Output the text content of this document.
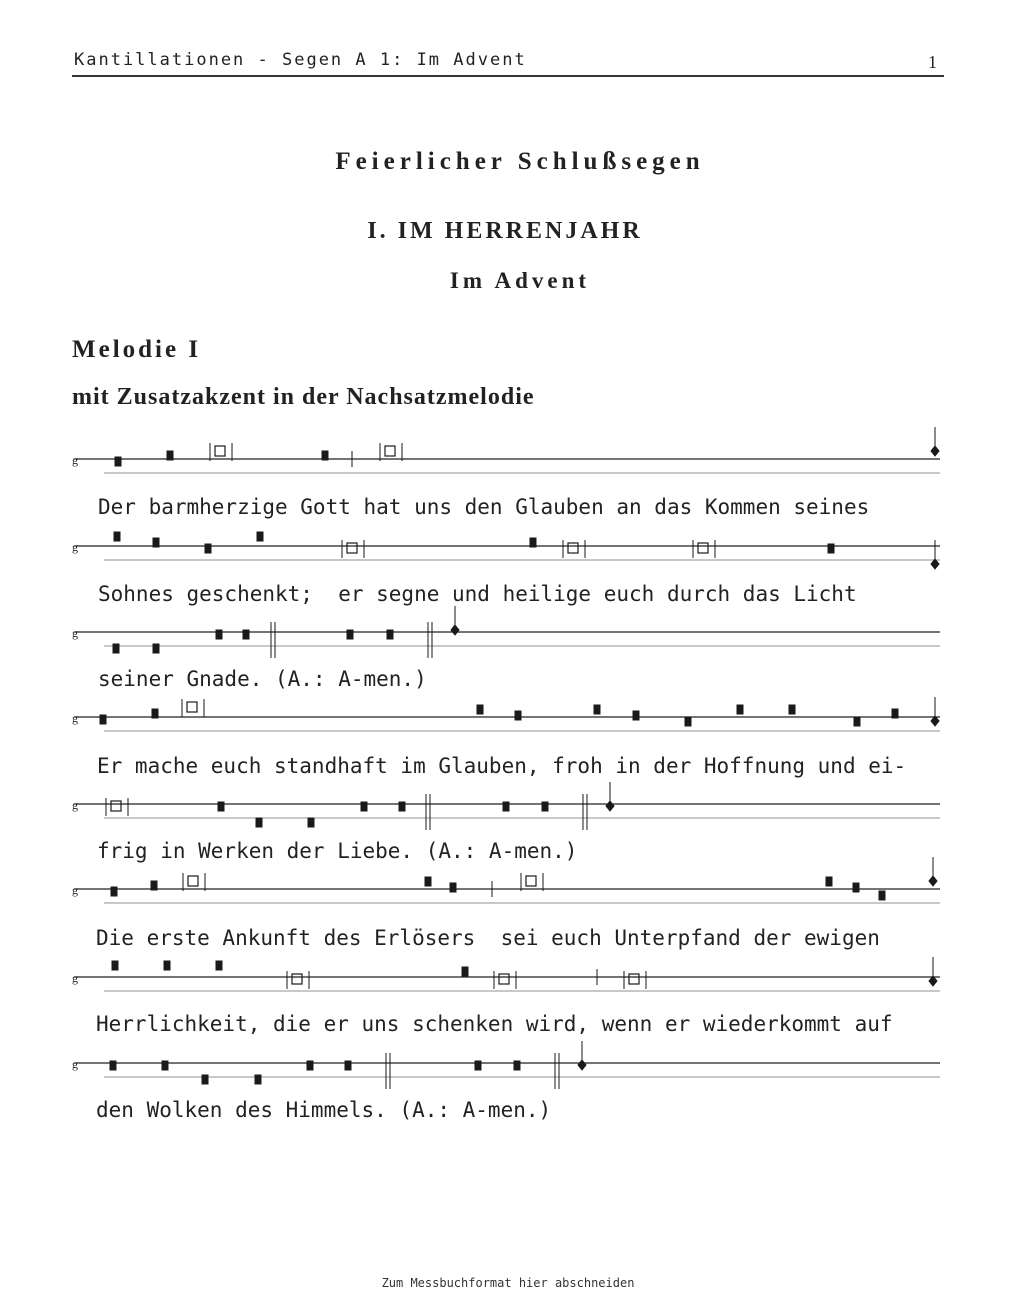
Kantillationen - Segen A 1: Im Advent	1
Feierlicher Schlußsegen
I. IM HERRENJAHR
Im Advent
Melodie I
mit Zusatzakzent in der Nachsatzmelodie
g
g
g
g
g
g
g
g
Der barmherzige Gott hat uns den Glauben an das Kommen seines
Sohnes geschenkt;  er segne und heilige euch durch das Licht
seiner Gnade. (A.: A-men.)
Er mache euch standhaft im Glauben, froh in der Hoffnung und ei-
frig in Werken der Liebe. (A.: A-men.)
Die erste Ankunft des Erlösers  sei euch Unterpfand der ewigen
Herrlichkeit, die er uns schenken wird, wenn er wiederkommt auf
den Wolken des Himmels. (A.: A-men.)
Zum Messbuchformat hier abschneiden
